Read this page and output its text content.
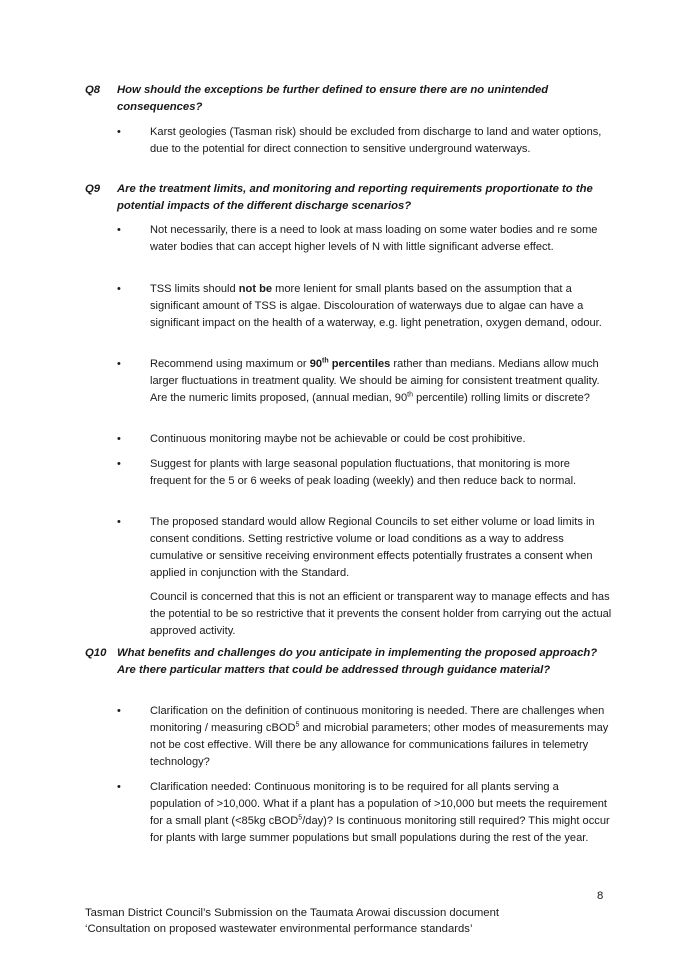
Q8	How should the exceptions be further defined to ensure there are no unintended consequences?
•	Karst geologies (Tasman risk) should be excluded from discharge to land and water options, due to the potential for direct connection to sensitive underground waterways.
Q9	Are the treatment limits, and monitoring and reporting requirements proportionate to the potential impacts of the different discharge scenarios?
•	Not necessarily, there is a need to look at mass loading on some water bodies and re some water bodies that can accept higher levels of N with little significant adverse effect.
•	TSS limits should not be more lenient for small plants based on the assumption that a significant amount of TSS is algae. Discolouration of waterways due to algae can have a significant impact on the health of a waterway, e.g. light penetration, oxygen demand, odour.
•	Recommend using maximum or 90th percentiles rather than medians. Medians allow much larger fluctuations in treatment quality. We should be aiming for consistent treatment quality. Are the numeric limits proposed, (annual median, 90th percentile) rolling limits or discrete?
•	Continuous monitoring maybe not be achievable or could be cost prohibitive.
•	Suggest for plants with large seasonal population fluctuations, that monitoring is more frequent for the 5 or 6 weeks of peak loading (weekly) and then reduce back to normal.
•	The proposed standard would allow Regional Councils to set either volume or load limits in consent conditions. Setting restrictive volume or load conditions as a way to address cumulative or sensitive receiving environment effects potentially frustrates a consent when applied in conjunction with the Standard.
Council is concerned that this is not an efficient or transparent way to manage effects and has the potential to be so restrictive that it prevents the consent holder from carrying out the actual approved activity.
Q10 What benefits and challenges do you anticipate in implementing the proposed approach? Are there particular matters that could be addressed through guidance material?
•	Clarification on the definition of continuous monitoring is needed. There are challenges when monitoring / measuring cBOD$^5$ and microbial parameters; other modes of measurements may not be cost effective. Will there be any allowance for communications failures in telemetry technology?
•	Clarification needed: Continuous monitoring is to be required for all plants serving a population of >10,000. What if a plant has a population of >10,000 but meets the requirement for a small plant (<85kg cBOD$^5$/day)? Is continuous monitoring still required? This might occur for plants with large summer populations but small populations during the rest of the year.
8
Tasman District Council’s Submission on the Taumata Arowai discussion document
‘Consultation on proposed wastewater environmental performance standards’
